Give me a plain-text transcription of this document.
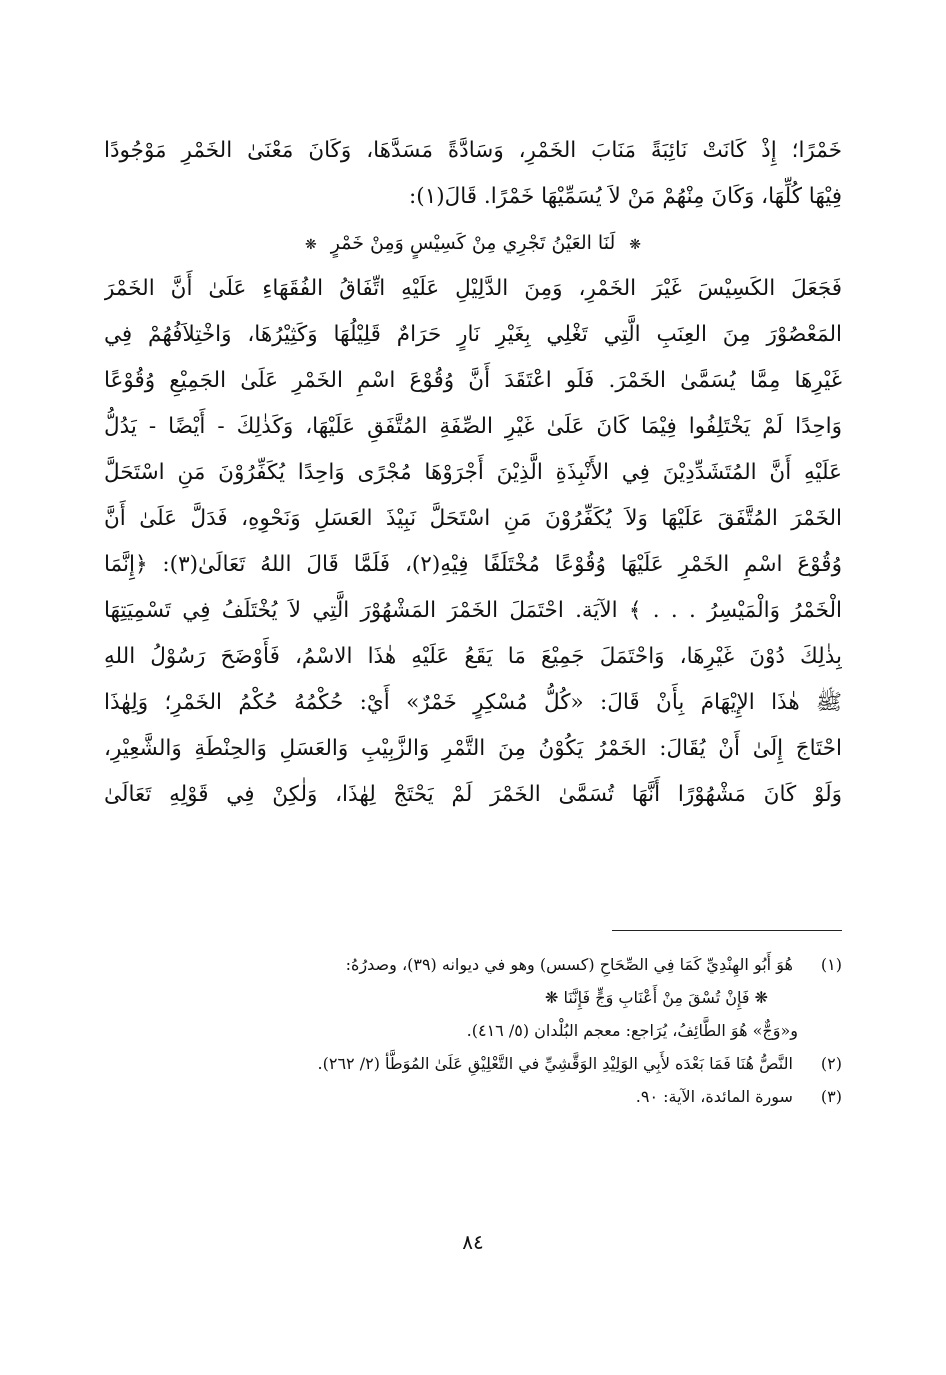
خَمْرًا؛ إِذْ كَانَتْ نَائِبَةً مَنَابَ الخَمْرِ، وَسَادَّةً مَسَدَّهَا، وَكَانَ مَعْنَىٰ الخَمْرِ مَوْجُودًا
فِيْهَا كُلِّهَا، وَكَانَ مِنْهُمْ مَنْ لاَ يُسَمِّيْهَا خَمْرًا. قَالَ(١):
❋لَنَا العَيْنُ تَجْرِي مِنْ كَسِيْسٍ وَمِنْ خَمْرٍ❋
فَجَعَلَ الكَسِيْسَ غَيْرَ الخَمْرِ، وَمِنَ الدَّلِيْلِ عَلَيْهِ اتِّفَاقُ الفُقَهَاءِ عَلَىٰ أَنَّ الخَمْرَ
المَعْصُوْرَ مِنَ العِنَبِ الَّتِي تَغْلِي بِغَيْرِ نَارٍ حَرَامٌ قَلِيْلُهَا وَكَثِيْرُهَا، وَاخْتِلاَفُهُمْ فِي
غَيْرِهَا مِمَّا يُسَمَّىٰ الخَمْرَ. فَلَو اعْتَقَدَ أَنَّ وُقُوْعَ اسْمِ الخَمْرِ عَلَىٰ الجَمِيْعِ وُقُوْعًا
وَاحِدًا لَمْ يَخْتَلِفُوا فِيْمَا كَانَ عَلَىٰ غَيْرِ الصِّفَةِ المُتَّفَقِ عَلَيْهَا، وَكَذٰلِكَ - أَيْضًا - يَدُلُّ
عَلَيْهِ أَنَّ المُتَشَدِّدِيْنَ فِي الأَنْبِذَةِ الَّذِيْنَ أَجْرَوْهَا مُجْرًى وَاحِدًا يُكَفِّرُوْنَ مَنِ اسْتَحَلَّ
الخَمْرَ المُتَّفَقَ عَلَيْهَا وَلاَ يُكَفِّرُوْنَ مَنِ اسْتَحَلَّ نَبِيْذَ العَسَلِ وَنَحْوِهِ، فَدَلَّ عَلَىٰ أَنَّ
وُقُوْعَ اسْمِ الخَمْرِ عَلَيْهَا وُقُوْعًا مُخْتَلَفًا فِيْهِ(٢)، فَلَمَّا قَالَ اللهُ تَعَالَىٰ(٣): ﴿إِنَّمَا
الْخَمْرُ وَالْمَيْسِرُ . . . ﴾ الآيَة. احْتَمَلَ الخَمْرَ المَشْهُوْرَ الَّتِي لاَ يُخْتَلَفُ فِي تَسْمِيَتِهَا
بِذٰلِكَ دُوْنَ غَيْرِهَا، وَاحْتَمَلَ جَمِيْعَ مَا يَقَعُ عَلَيْهِ هٰذَا الاسْمُ، فَأَوْضَحَ رَسُوْلُ اللهِ
ﷺ هٰذَا الإِيْهَامَ بِأَنْ قَالَ: «كُلُّ مُسْكِرٍ خَمْرٌ» أَيْ: حُكْمُهُ حُكْمُ الخَمْرِ؛ وَلِهٰذَا
احْتَاجَ إِلَىٰ أَنْ يُقَالَ: الخَمْرُ يَكُوْنُ مِنَ التَّمْرِ وَالزَّبِيْبِ وَالعَسَلِ وَالحِنْطَةِ وَالشَّعِيْرِ،
وَلَوْ كَانَ مَشْهُوْرًا أَنَّهَا تُسَمَّىٰ الخَمْرَ لَمْ يَحْتَجْ لِهٰذَا، وَلٰكِنْ فِي قَوْلِهِ تَعَالَىٰ
(١) هُوَ أَبُو الهِنْدِيِّ كَمَا فِي الصِّحَاحِ (كسس) وهو في ديوانه (٣٩)، وصدرُهُ:
❋ فَإِنْ تُسْقَ مِنْ أَعْنَابِ وَجٍّ فَإِنَّنَا ❋
و«وَجٌّ» هُوَ الطَّائِفُ، يُرَاجع: معجم البُلْدان (٥/ ٤١٦).
(٢) النَّصُّ هُنَا فَمَا بَعْدَه لأَبِي الوَلِيْدِ الوَقَّشِيِّ في التَّعْلِيْقِ عَلَىٰ المُوَطَّأ (٢/ ٢٦٢).
(٣) سورة المائدة، الآية: ٩٠.
٨٤
